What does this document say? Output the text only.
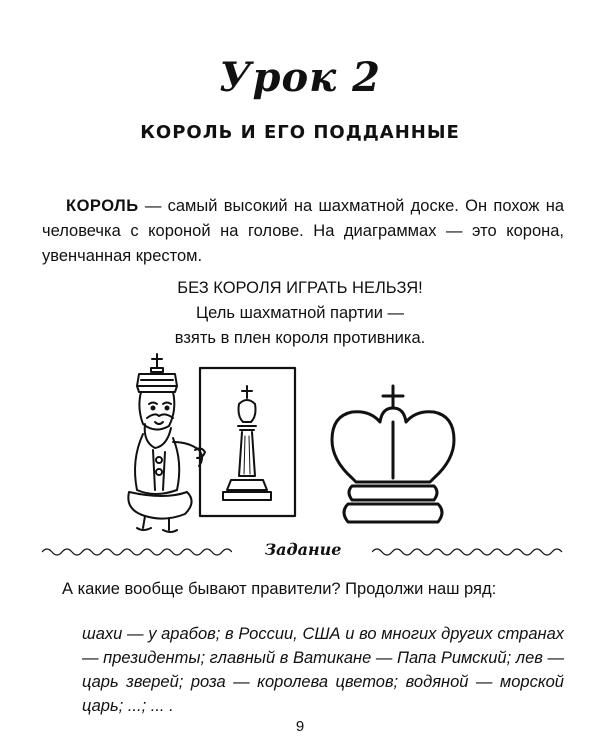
Урок 2
КОРОЛЬ И ЕГО ПОДДАННЫЕ
КОРОЛЬ — самый высокий на шахматной доске. Он похож на человечка с короной на голове. На диаграммах — это корона, увенчанная крестом.
БЕЗ КОРОЛЯ ИГРАТЬ НЕЛЬЗЯ!
Цель шахматной партии —
взять в плен короля противника.
Задание
А какие вообще бывают правители? Продолжи наш ряд:
шахи — у арабов; в России, США и во многих других странах — президенты; главный в Ватикане — Папа Римский; лев — царь зверей; роза — королева цветов; водяной — морской царь; ...; ... .
9
